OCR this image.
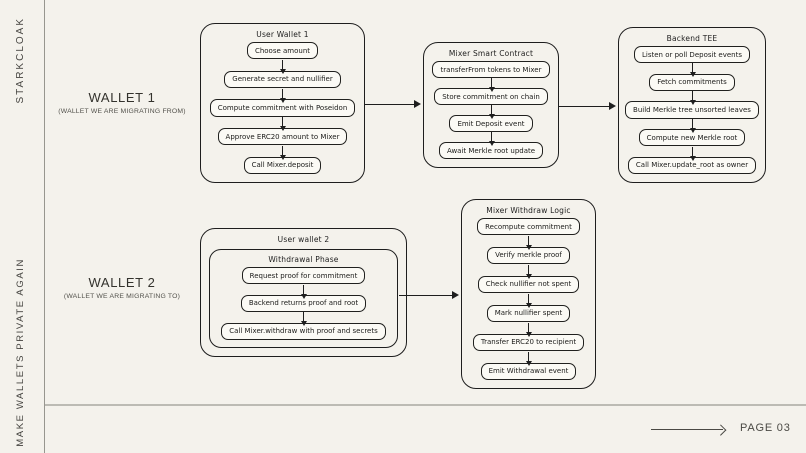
STARKCLOAK
MAKE WALLETS PRIVATE AGAIN
WALLET 1
(WALLET WE ARE MIGRATING FROM)
WALLET 2
(WALLET WE ARE MIGRATING TO)
User Wallet 1
Choose amount
Generate secret and nullifier
Compute commitment with Poseidon
Approve ERC20 amount to Mixer
Call Mixer.deposit
Mixer Smart Contract
transferFrom tokens to Mixer
Store commitment on chain
Emit Deposit event
Await Merkle root update
Backend TEE
Listen or poll Deposit events
Fetch commitments
Build Merkle tree unsorted leaves
Compute new Merkle root
Call Mixer.update_root as owner
User wallet 2
Withdrawal Phase
Request proof for commitment
Backend returns proof and root
Call Mixer.withdraw with proof and secrets
Mixer Withdraw Logic
Recompute commitment
Verify merkle proof
Check nullifier not spent
Mark nullifier spent
Transfer ERC20 to recipient
Emit Withdrawal event
PAGE 03
